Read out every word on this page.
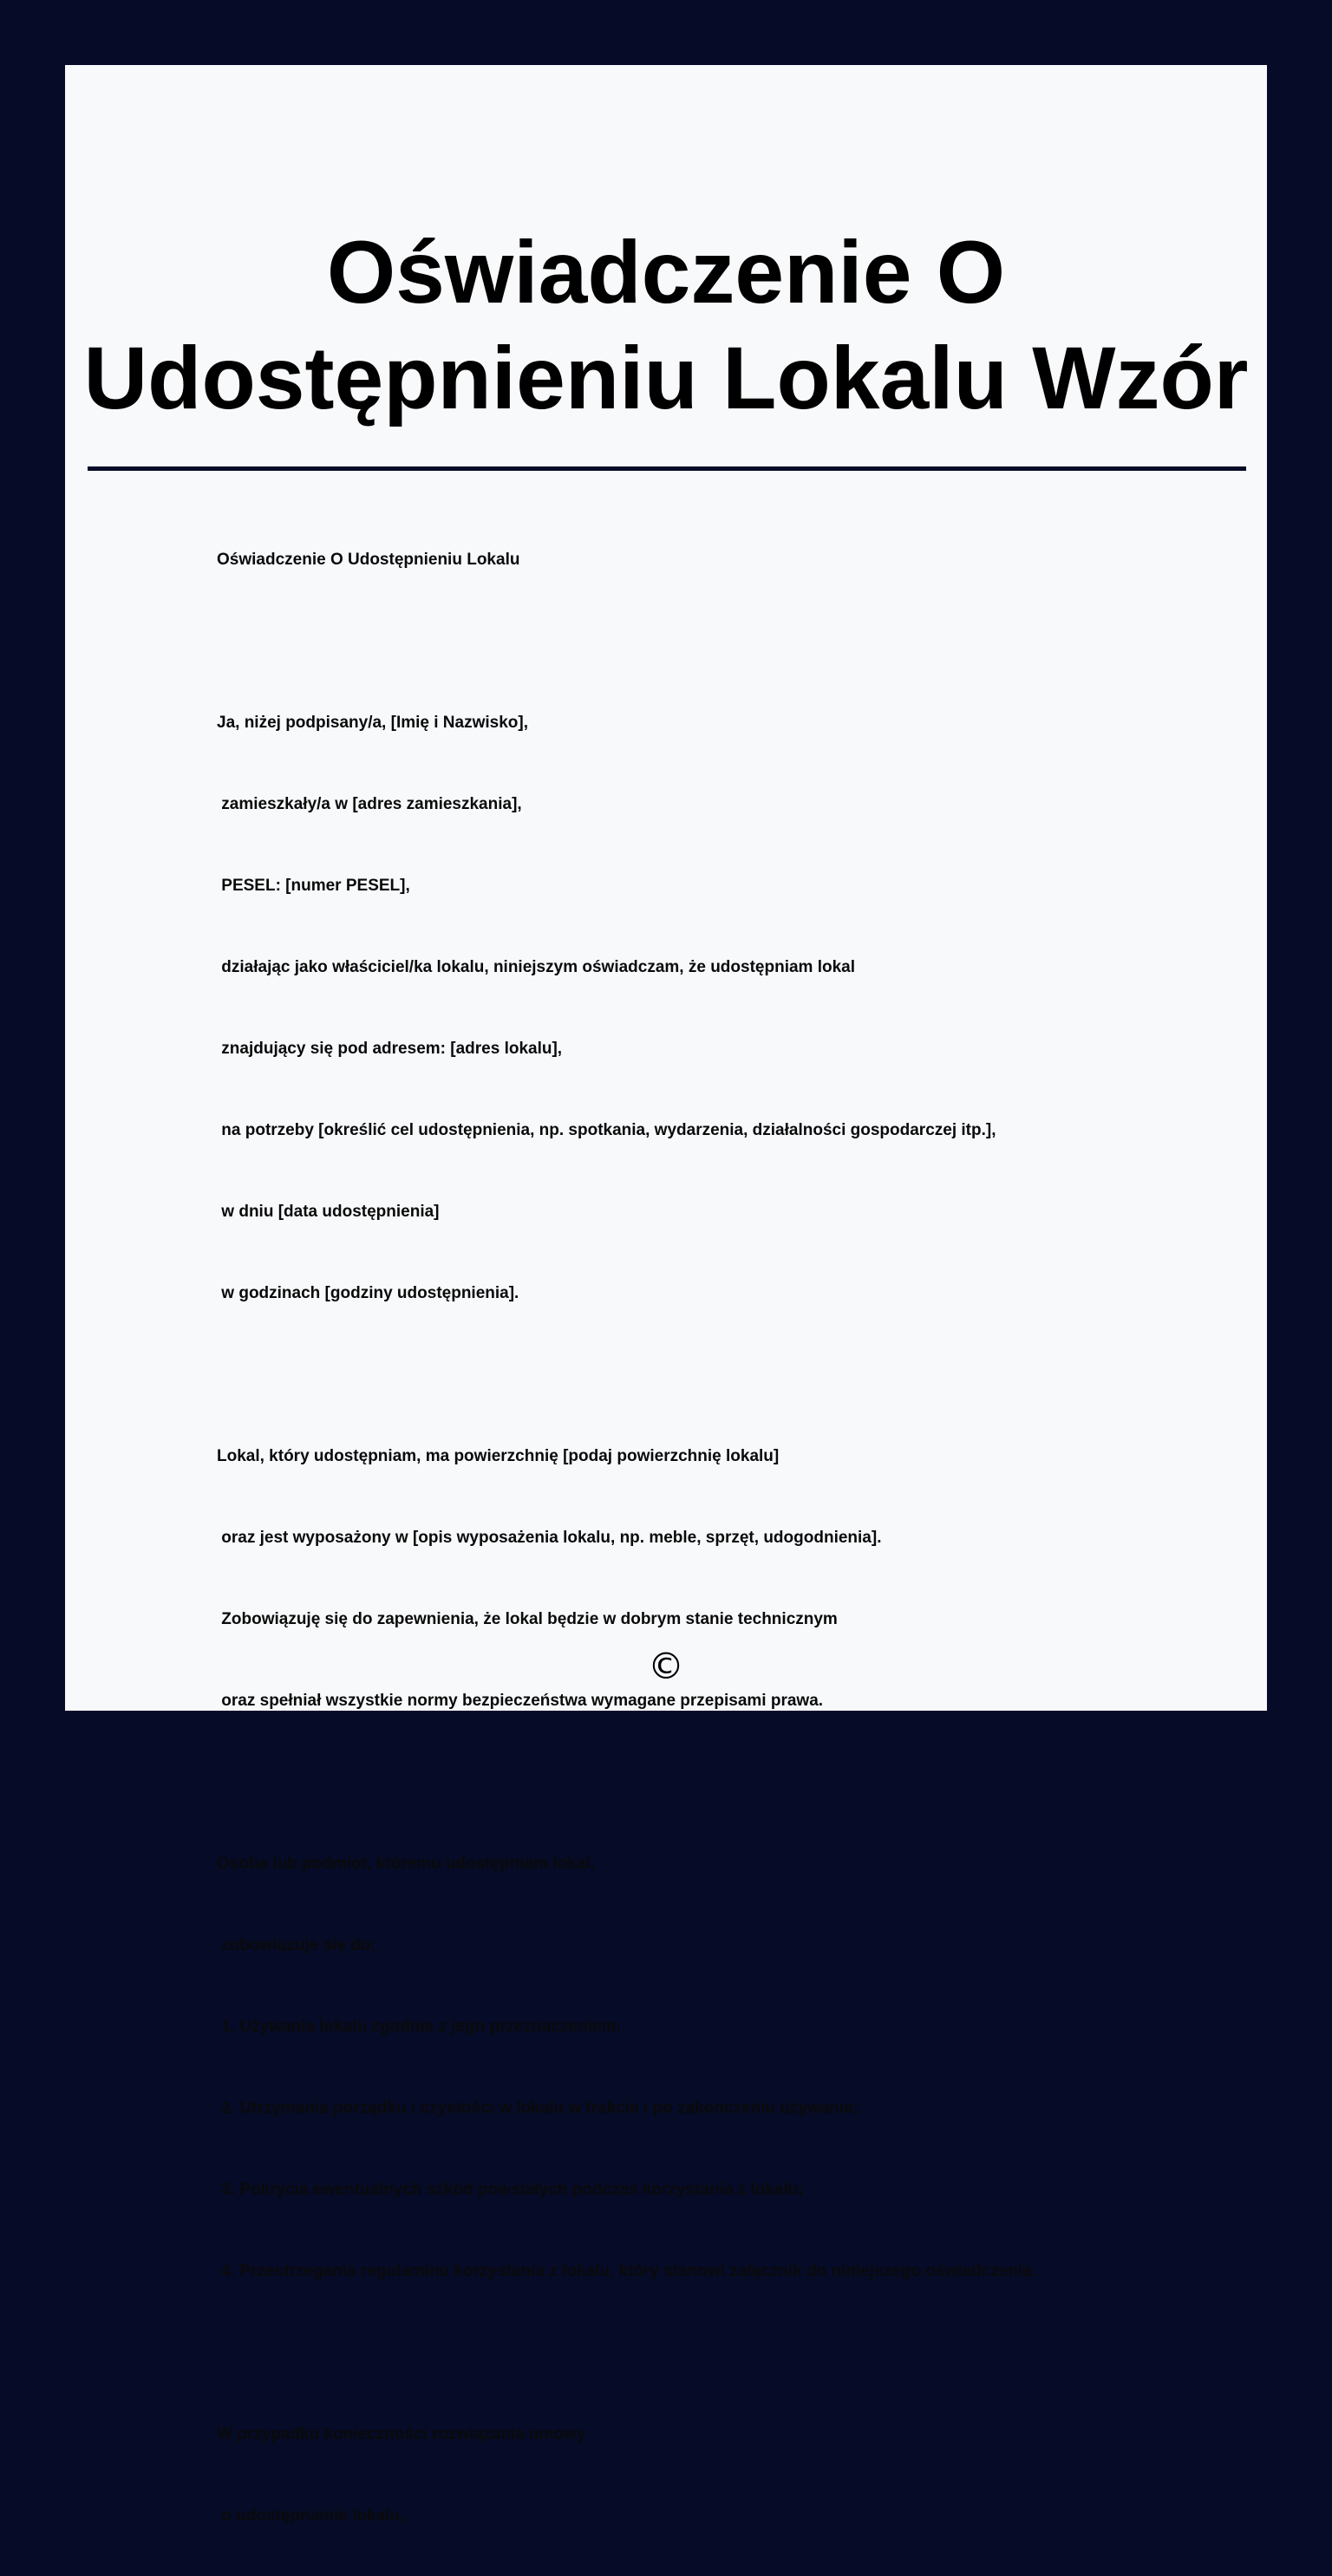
Oświadczenie O Udostępnieniu Lokalu Wzór

Oświadczenie O Udostępnieniu Lokalu

Ja, niżej podpisany/a, [Imię i Nazwisko],

zamieszkały/a w [adres zamieszkania],

PESEL: [numer PESEL],

działając jako właściciel/ka lokalu, niniejszym oświadczam, że udostępniam lokal

znajdujący się pod adresem: [adres lokalu],

na potrzeby [określić cel udostępnienia, np. spotkania, wydarzenia, działalności gospodarczej itp.],

w dniu [data udostępnienia]

w godzinach [godziny udostępnienia].

Lokal, który udostępniam, ma powierzchnię [podaj powierzchnię lokalu]

oraz jest wyposażony w [opis wyposażenia lokalu, np. meble, sprzęt, udogodnienia].

Zobowiązuję się do zapewnienia, że lokal będzie w dobrym stanie technicznym

oraz spełniał wszystkie normy bezpieczeństwa wymagane przepisami prawa.

Osoba lub podmiot, któremu udostępniam lokal,

zobowiązuje się do:

1. Używania lokalu zgodnie z jego przeznaczeniem;

2. Utrzymania porządku i czystości w lokalu w trakcie i po zakończeniu używania;

3. Pokrycia ewentualnych szkód powstałych podczas korzystania z lokalu;

4. Przestrzegania regulaminu korzystania z lokalu, który stanowi załącznik do niniejszego oświadczenia.

W przypadku konieczności rozwiązania umowy

o udostępnienie lokalu,

©
